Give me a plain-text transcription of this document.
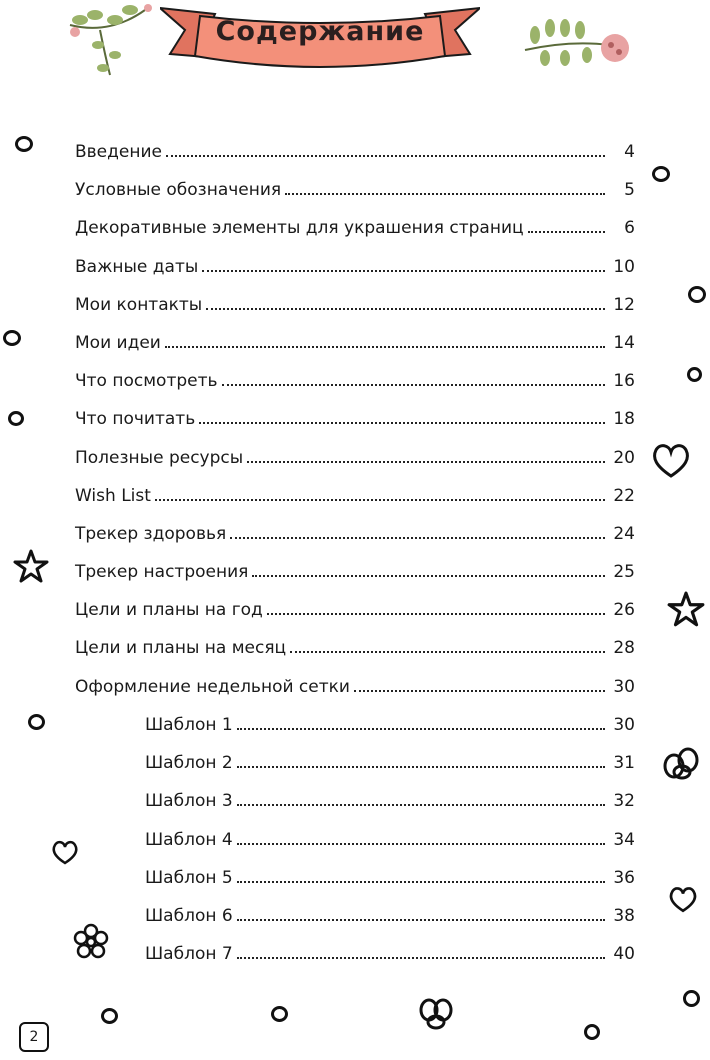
Содержание
Введение	4
Условные обозначения	5
Декоративные элементы для украшения страниц	6
Важные даты	10
Мои контакты	12
Мои идеи	14
Что посмотреть	16
Что почитать	18
Полезные ресурсы	20
Wish List	22
Трекер здоровья	24
Трекер настроения	25
Цели и планы на год	26
Цели и планы на месяц	28
Оформление недельной сетки	30
Шаблон 1	30
Шаблон 2	31
Шаблон 3	32
Шаблон 4	34
Шаблон 5	36
Шаблон 6	38
Шаблон 7	40
2
